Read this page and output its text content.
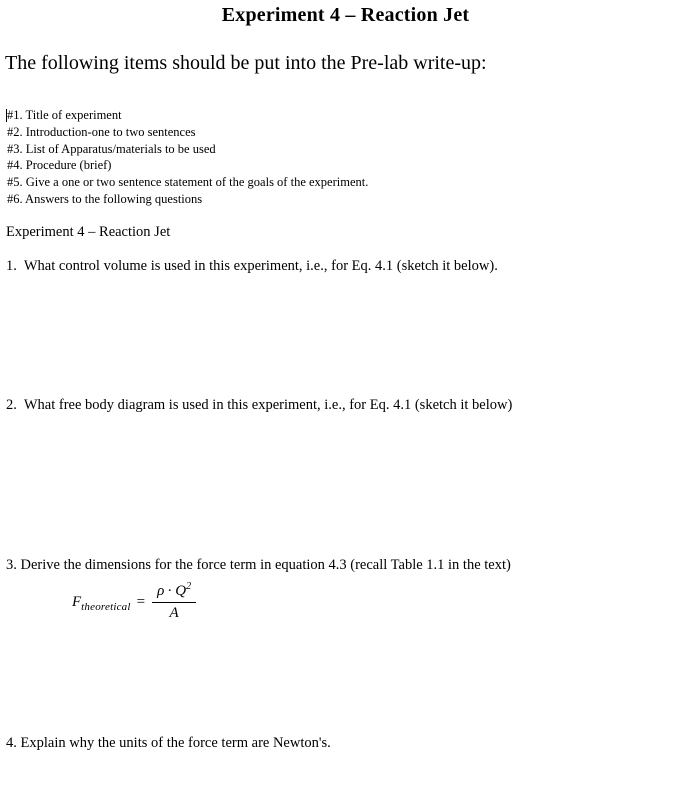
Experiment 4 – Reaction Jet
The following items should be put into the Pre-lab write-up:
#1. Title of experiment
#2. Introduction-one to two sentences
#3. List of Apparatus/materials to be used
#4. Procedure (brief)
#5. Give a one or two sentence statement of the goals of the experiment.
#6. Answers to the following questions
Experiment 4 – Reaction Jet
1.  What control volume is used in this experiment, i.e., for Eq. 4.1 (sketch it below).
2.  What free body diagram is used in this experiment, i.e., for Eq. 4.1 (sketch it below)
3. Derive the dimensions for the force term in equation 4.3 (recall Table 1.1 in the text)
$F_{theoretical} = \frac{\rho \cdot Q^2}{A}$
4. Explain why the units of the force term are Newton's.
